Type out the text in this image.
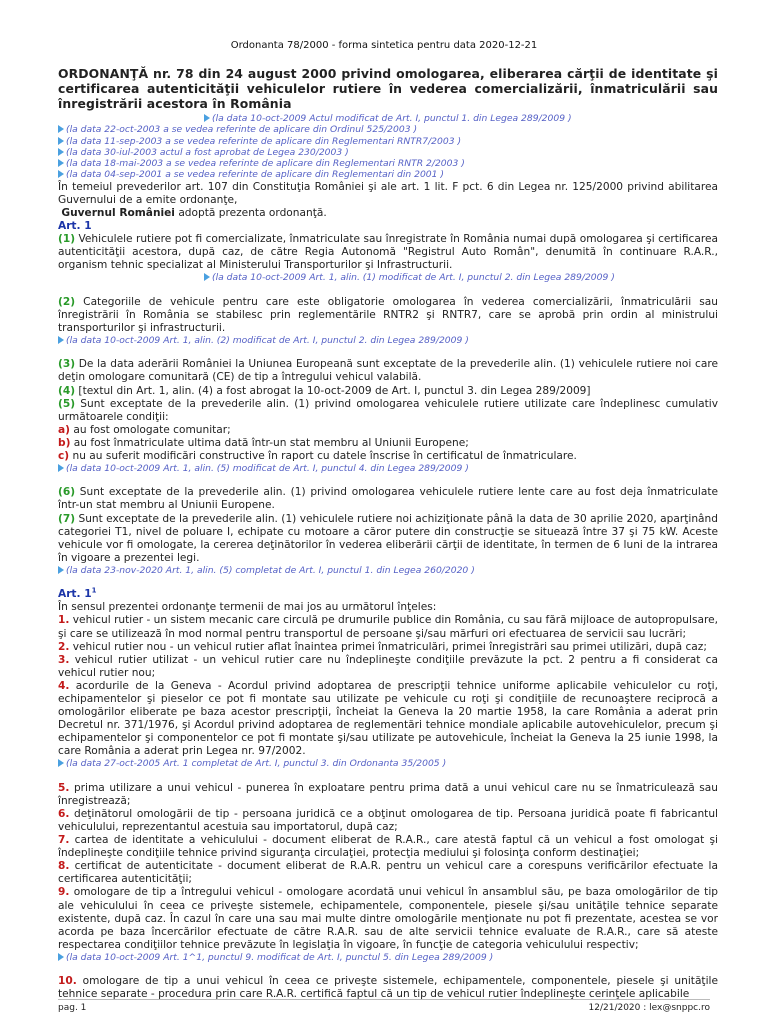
Ordonanta 78/2000 - forma sintetica pentru data 2020-12-21

ORDONANŢĂ nr. 78 din 24 august 2000 privind omologarea, eliberarea cărţii de identitate şi certificarea autenticităţii vehiculelor rutiere în vederea comercializării, înmatriculării sau înregistrării acestora în România

(la data 10-oct-2009 Actul modificat de Art. I, punctul 1. din Legea 289/2009 )
(la data 22-oct-2003 a se vedea referinte de aplicare din Ordinul 525/2003 )
(la data 11-sep-2003 a se vedea referinte de aplicare din Reglementari RNTR7/2003 )
(la data 30-iul-2003 actul a fost aprobat de Legea 230/2003 )
(la data 18-mai-2003 a se vedea referinte de aplicare din Reglementari RNTR 2/2003 )
(la data 04-sep-2001 a se vedea referinte de aplicare din Reglementari din 2001 )

În temeiul prevederilor art. 107 din Constituţia României şi ale art. 1 lit. F pct. 6 din Legea nr. 125/2000 privind abilitarea Guvernului de a emite ordonanţe,

Guvernul României adoptă prezenta ordonanţă.

Art. 1

(1) Vehiculele rutiere pot fi comercializate, înmatriculate sau înregistrate în România numai după omologarea şi certificarea autenticităţii acestora, după caz, de către Regia Autonomă "Registrul Auto Român", denumită în continuare R.A.R., organism tehnic specializat al Ministerului Transporturilor şi Infrastructurii.

(la data 10-oct-2009 Art. 1, alin. (1) modificat de Art. I, punctul 2. din Legea 289/2009 )

(2) Categoriile de vehicule pentru care este obligatorie omologarea în vederea comercializării, înmatriculării sau înregistrării în România se stabilesc prin reglementările RNTR2 şi RNTR7, care se aprobă prin ordin al ministrului transporturilor şi infrastructurii.

(la data 10-oct-2009 Art. 1, alin. (2) modificat de Art. I, punctul 2. din Legea 289/2009 )

(3) De la data aderării României la Uniunea Europeană sunt exceptate de la prevederile alin. (1) vehiculele rutiere noi care deţin omologare comunitară (CE) de tip a întregului vehicul valabilă.

(4) [textul din Art. 1, alin. (4) a fost abrogat la 10-oct-2009 de Art. I, punctul 3. din Legea 289/2009]

(5) Sunt exceptate de la prevederile alin. (1) privind omologarea vehiculele rutiere utilizate care îndeplinesc cumulativ următoarele condiţii:

a) au fost omologate comunitar;

b) au fost înmatriculate ultima dată într-un stat membru al Uniunii Europene;

c) nu au suferit modificări constructive în raport cu datele înscrise în certificatul de înmatriculare.

(la data 10-oct-2009 Art. 1, alin. (5) modificat de Art. I, punctul 4. din Legea 289/2009 )

(6) Sunt exceptate de la prevederile alin. (1) privind omologarea vehiculele rutiere lente care au fost deja înmatriculate într-un stat membru al Uniunii Europene.

(7) Sunt exceptate de la prevederile alin. (1) vehiculele rutiere noi achiziţionate până la data de 30 aprilie 2020, aparţinând categoriei T1, nivel de poluare I, echipate cu motoare a căror putere din construcţie se situează între 37 şi 75 kW. Aceste vehicule vor fi omologate, la cererea deţinătorilor în vederea eliberării cărţii de identitate, în termen de 6 luni de la intrarea în vigoare a prezentei legi.

(la data 23-nov-2020 Art. 1, alin. (5) completat de Art. I, punctul 1. din Legea 260/2020 )

Art. $1^1$

În sensul prezentei ordonanţe termenii de mai jos au următorul înţeles:

1. vehicul rutier - un sistem mecanic care circulă pe drumurile publice din România, cu sau fără mijloace de autopropulsare, şi care se utilizează în mod normal pentru transportul de persoane şi/sau mărfuri ori efectuarea de servicii sau lucrări;

2. vehicul rutier nou - un vehicul rutier aflat înaintea primei înmatriculări, primei înregistrări sau primei utilizări, după caz;

3. vehicul rutier utilizat - un vehicul rutier care nu îndeplineşte condiţiile prevăzute la pct. 2 pentru a fi considerat ca vehicul rutier nou;

4. acordurile de la Geneva - Acordul privind adoptarea de prescripţii tehnice uniforme aplicabile vehiculelor cu roţi, echipamentelor şi pieselor ce pot fi montate sau utilizate pe vehicule cu roţi şi condiţiile de recunoaştere reciprocă a omologărilor eliberate pe baza acestor prescripţii, încheiat la Geneva la 20 martie 1958, la care România a aderat prin Decretul nr. 371/1976, şi Acordul privind adoptarea de reglementări tehnice mondiale aplicabile autovehiculelor, precum şi echipamentelor şi componentelor ce pot fi montate şi/sau utilizate pe autovehicule, încheiat la Geneva la 25 iunie 1998, la care România a aderat prin Legea nr. 97/2002.

(la data 27-oct-2005 Art. 1 completat de Art. I, punctul 3. din Ordonanta 35/2005 )

5. prima utilizare a unui vehicul - punerea în exploatare pentru prima dată a unui vehicul care nu se înmatriculează sau înregistrează;

6. deţinătorul omologării de tip - persoana juridică ce a obţinut omologarea de tip. Persoana juridică poate fi fabricantul vehiculului, reprezentantul acestuia sau importatorul, după caz;

7. cartea de identitate a vehiculului - document eliberat de R.A.R., care atestă faptul că un vehicul a fost omologat şi îndeplineşte condiţiile tehnice privind siguranţa circulaţiei, protecţia mediului şi folosinţa conform destinaţiei;

8. certificat de autenticitate - document eliberat de R.A.R. pentru un vehicul care a corespuns verificărilor efectuate la certificarea autenticităţii;

9. omologare de tip a întregului vehicul - omologare acordată unui vehicul în ansamblul său, pe baza omologărilor de tip ale vehiculului în ceea ce priveşte sistemele, echipamentele, componentele, piesele şi/sau unităţile tehnice separate existente, după caz. În cazul în care una sau mai multe dintre omologările menţionate nu pot fi prezentate, acestea se vor acorda pe baza încercărilor efectuate de către R.A.R. sau de alte servicii tehnice evaluate de R.A.R., care să ateste respectarea condiţiilor tehnice prevăzute în legislaţia în vigoare, în funcţie de categoria vehiculului respectiv;

(la data 10-oct-2009 Art. 1^1, punctul 9. modificat de Art. I, punctul 5. din Legea 289/2009 )

10. omologare de tip a unui vehicul în ceea ce priveşte sistemele, echipamentele, componentele, piesele şi unităţile tehnice separate - procedura prin care R.A.R. certifică faptul că un tip de vehicul rutier îndeplineşte cerinţele aplicabile

pag. 1	12/21/2020 : lex@snppc.ro
